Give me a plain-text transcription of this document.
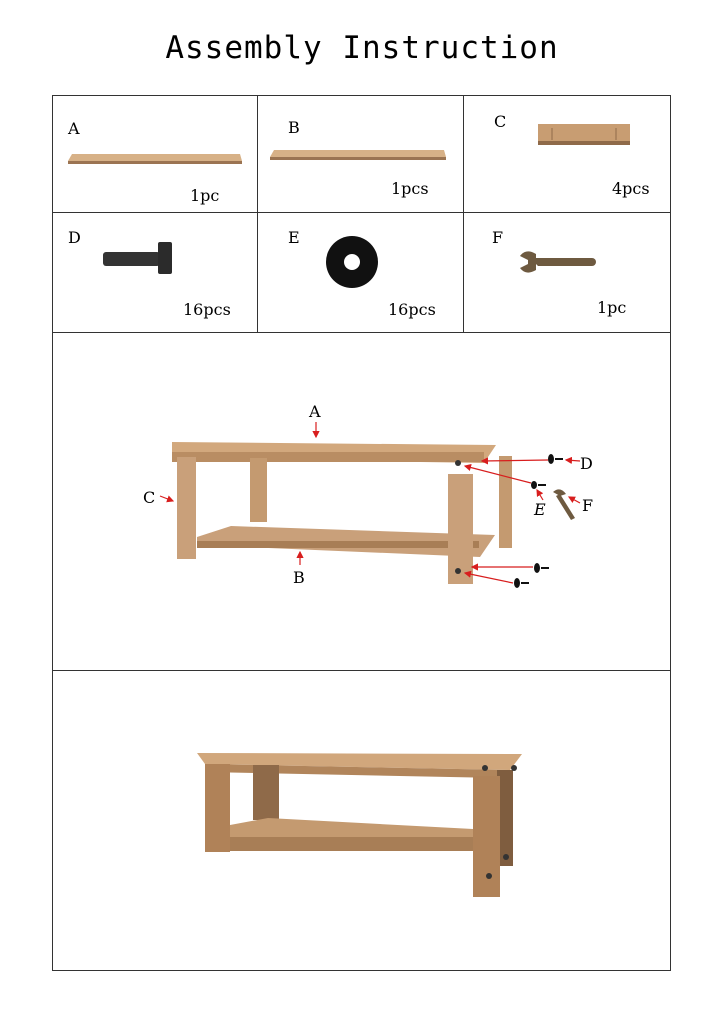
Assembly Instruction
A
1pc
B
1pcs
C
4pcs
D
16pcs
E
16pcs
F
1pc
A
C
B
D
E F
